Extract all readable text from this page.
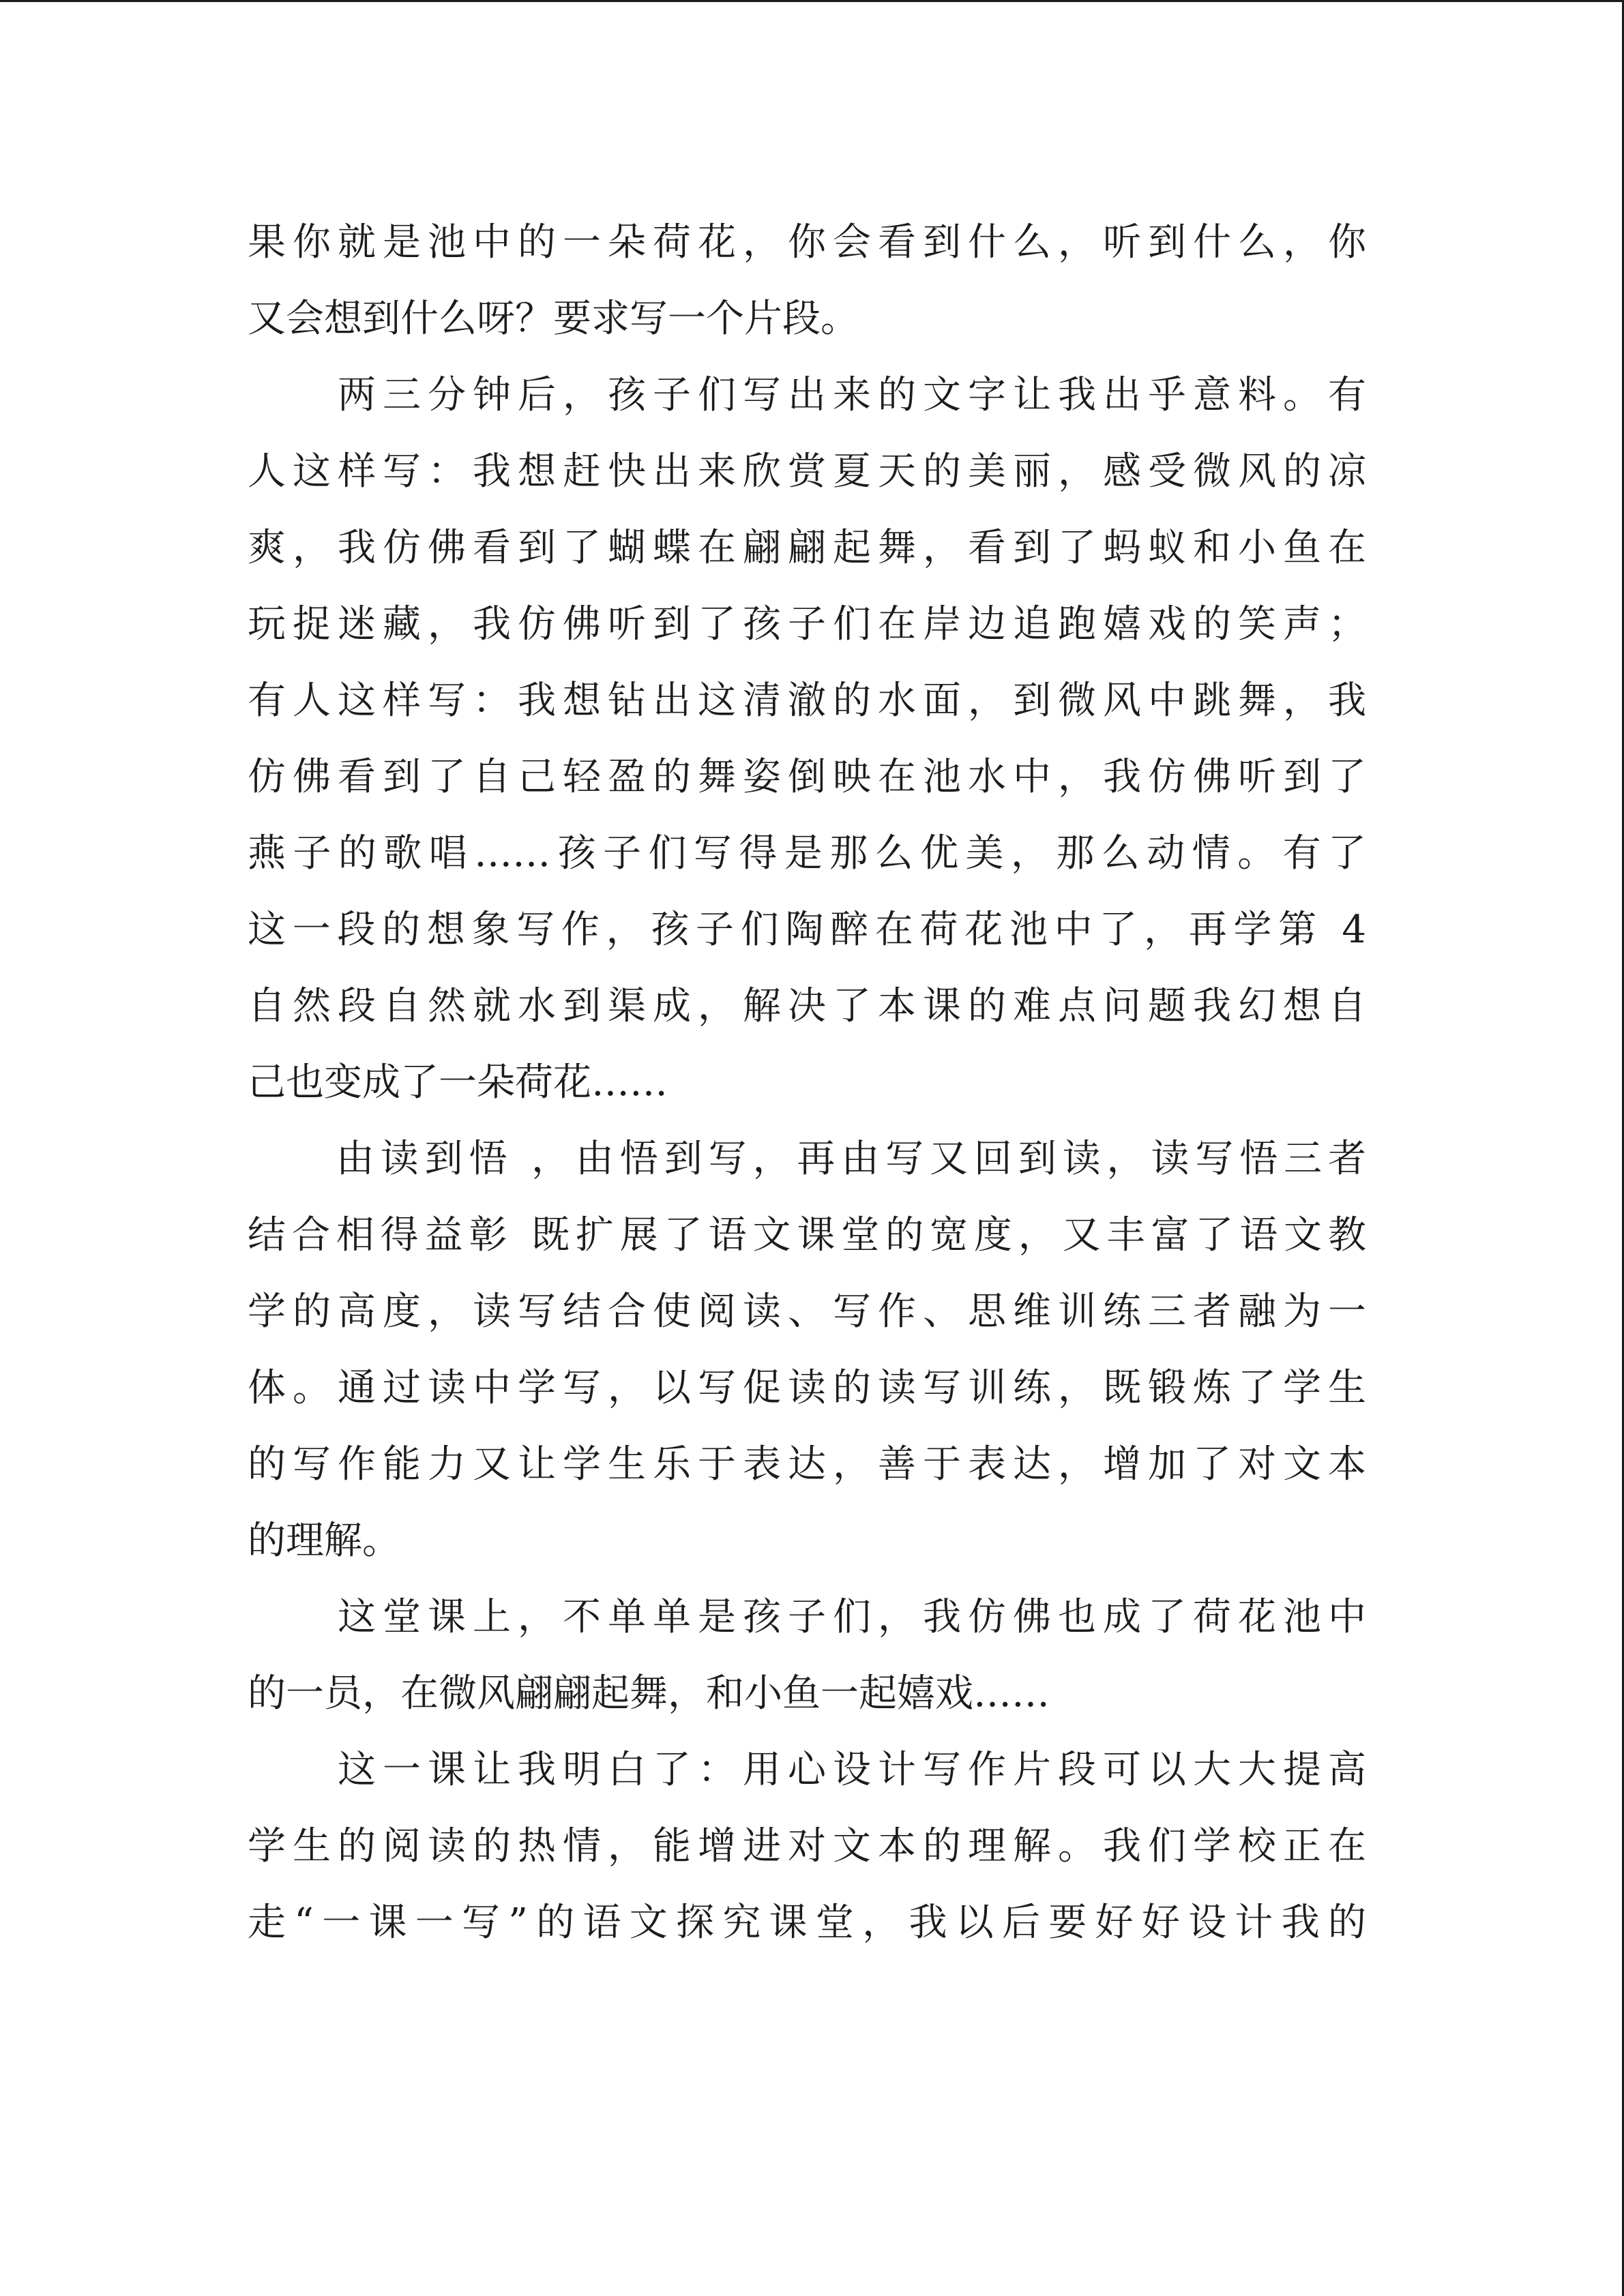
果你就是池中的一朵荷花，你会看到什么，听到什么，你
又会想到什么呀？要求写一个片段。
　　两三分钟后，孩子们写出来的文字让我出乎意料。有
人这样写：我想赶快出来欣赏夏天的美丽，感受微风的凉
爽，我仿佛看到了蝴蝶在翩翩起舞，看到了蚂蚁和小鱼在
玩捉迷藏，我仿佛听到了孩子们在岸边追跑嬉戏的笑声；
有人这样写：我想钻出这清澈的水面，到微风中跳舞，我
仿佛看到了自己轻盈的舞姿倒映在池水中，我仿佛听到了
燕子的歌唱……孩子们写得是那么优美，那么动情。有了
这一段的想象写作，孩子们陶醉在荷花池中了，再学第 4
自然段自然就水到渠成，解决了本课的难点问题我幻想自
己也变成了一朵荷花……
　　由读到悟 ，由悟到写，再由写又回到读，读写悟三者
结合相得益彰 既扩展了语文课堂的宽度，又丰富了语文教
学的高度，读写结合使阅读、写作、思维训练三者融为一
体。通过读中学写，以写促读的读写训练，既锻炼了学生
的写作能力又让学生乐于表达，善于表达，增加了对文本
的理解。
　　这堂课上，不单单是孩子们，我仿佛也成了荷花池中
的一员，在微风翩翩起舞，和小鱼一起嬉戏……
　　这一课让我明白了：用心设计写作片段可以大大提高
学生的阅读的热情，能增进对文本的理解。我们学校正在
走“一课一写”的语文探究课堂，我以后要好好设计我的
